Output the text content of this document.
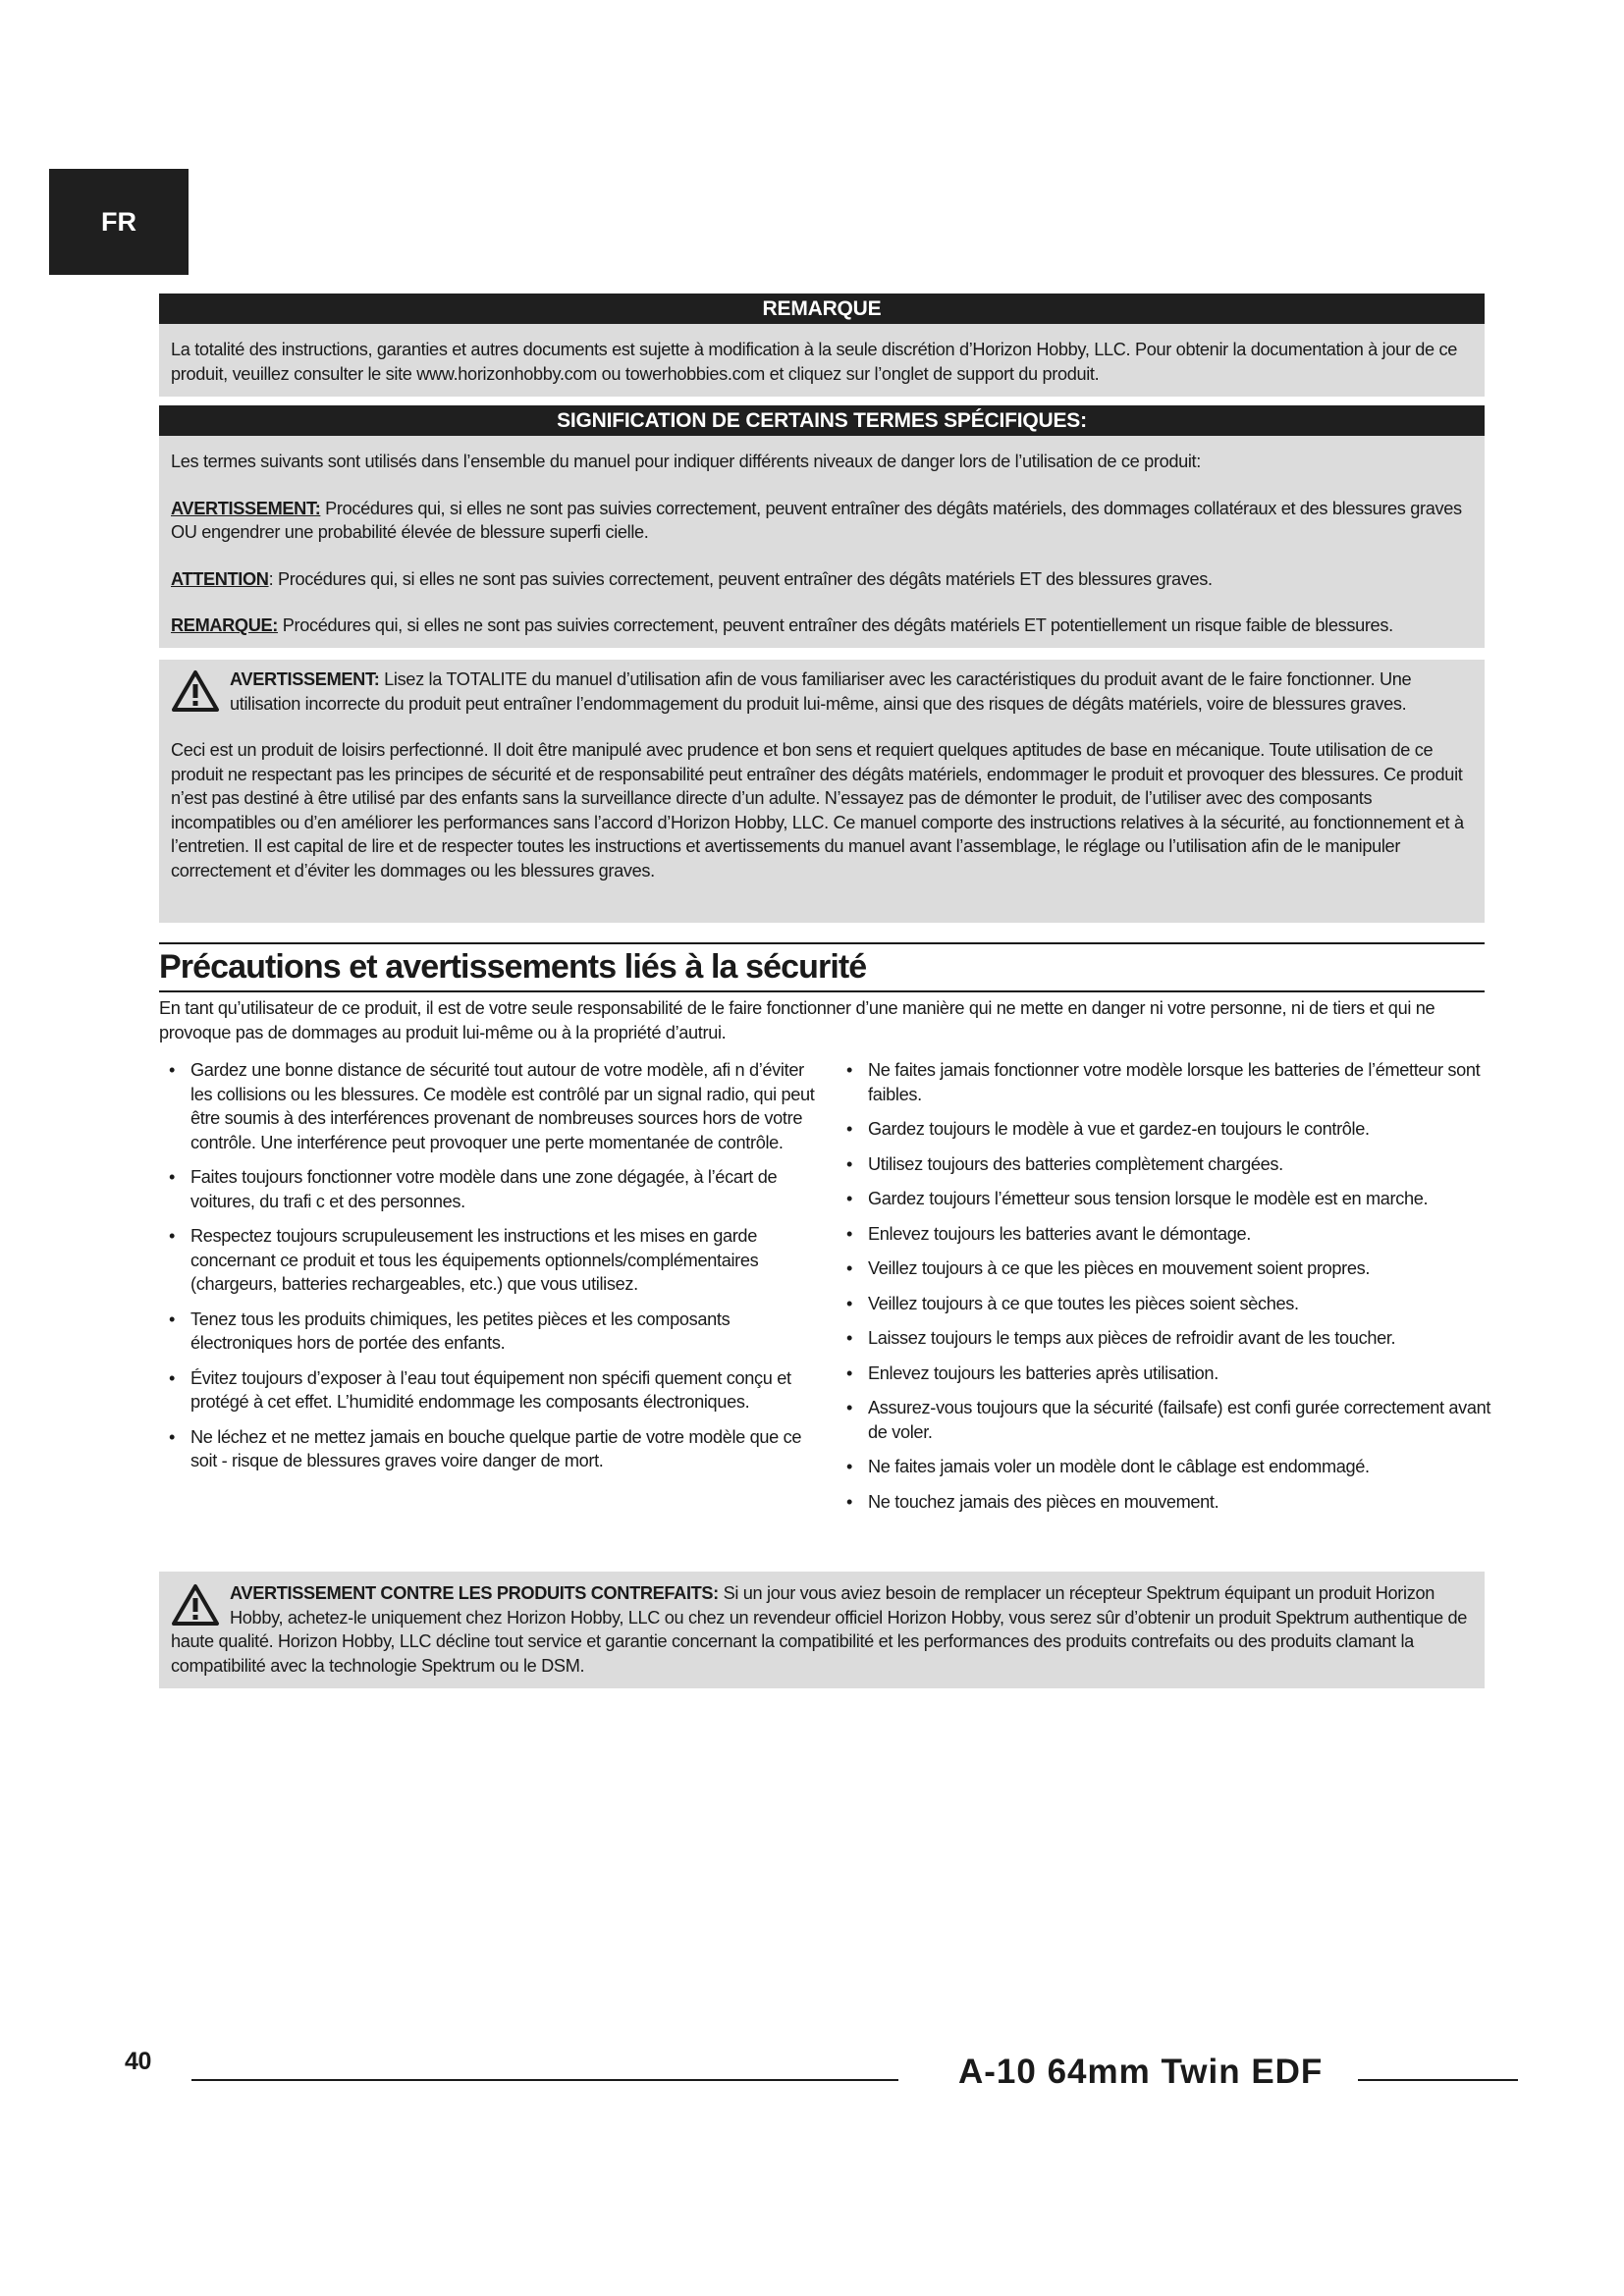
FR
REMARQUE
La totalité des instructions, garanties et autres documents est sujette à modification à la seule discrétion d’Horizon Hobby, LLC. Pour obtenir la documentation à jour de ce produit, veuillez consulter le site www.horizonhobby.com ou towerhobbies.com et cliquez sur l’onglet de support du produit.
SIGNIFICATION DE CERTAINS TERMES SPÉCIFIQUES:

Les termes suivants sont utilisés dans l’ensemble du manuel pour indiquer différents niveaux de danger lors de l’utilisation de ce produit:

AVERTISSEMENT: Procédures qui, si elles ne sont pas suivies correctement, peuvent entraîner des dégâts matériels, des dommages collatéraux et des blessures graves OU engendrer une probabilité élevée de blessure superfi cielle.

ATTENTION: Procédures qui, si elles ne sont pas suivies correctement, peuvent entraîner des dégâts matériels ET des blessures graves.

REMARQUE: Procédures qui, si elles ne sont pas suivies correctement, peuvent entraîner des dégâts matériels ET potentiellement un risque faible de blessures.

AVERTISSEMENT: Lisez la TOTALITE du manuel d’utilisation afin de vous familiariser avec les caractéristiques du produit avant de le faire fonctionner. Une utilisation incorrecte du produit peut entraîner l’endommagement du produit lui-même, ainsi que des risques de dégâts matériels, voire de blessures graves.

Ceci est un produit de loisirs perfectionné. Il doit être manipulé avec prudence et bon sens et requiert quelques aptitudes de base en mécanique. Toute utilisation de ce produit ne respectant pas les principes de sécurité et de responsabilité peut entraîner des dégâts matériels, endommager le produit et provoquer des blessures. Ce produit n’est pas destiné à être utilisé par des enfants sans la surveillance directe d’un adulte. N’essayez pas de démonter le produit, de l’utiliser avec des composants incompatibles ou d’en améliorer les performances sans l’accord d’Horizon Hobby, LLC. Ce manuel comporte des instructions relatives à la sécurité, au fonctionnement et à l’entretien. Il est capital de lire et de respecter toutes les instructions et avertissements du manuel avant l’assemblage, le réglage ou l’utilisation afin de le manipuler correctement et d’éviter les dommages ou les blessures graves.

Précautions et avertissements liés à la sécurité
En tant qu’utilisateur de ce produit, il est de votre seule responsabilité de le faire fonctionner d’une manière qui ne mette en danger ni votre personne, ni de tiers et qui ne provoque pas de dommages au produit lui-même ou à la propriété d’autrui.
• Gardez une bonne distance de sécurité tout autour de votre modèle, afi n d’éviter les collisions ou les blessures. Ce modèle est contrôlé par un signal radio, qui peut être soumis à des interférences provenant de nombreuses sources hors de votre contrôle. Une interférence peut provoquer une perte momentanée de contrôle.
• Faites toujours fonctionner votre modèle dans une zone dégagée, à l’écart de voitures, du trafi c et des personnes.
• Respectez toujours scrupuleusement les instructions et les mises en garde concernant ce produit et tous les équipements optionnels/complémentaires (chargeurs, batteries rechargeables, etc.) que vous utilisez.
• Tenez tous les produits chimiques, les petites pièces et les composants électroniques hors de portée des enfants.
• Évitez toujours d’exposer à l’eau tout équipement non spécifi quement conçu et protégé à cet effet. L’humidité endommage les composants électroniques.
• Ne léchez et ne mettez jamais en bouche quelque partie de votre modèle que ce soit - risque de blessures graves voire danger de mort.
• Ne faites jamais fonctionner votre modèle lorsque les batteries de l’émetteur sont faibles.
• Gardez toujours le modèle à vue et gardez-en toujours le contrôle.
• Utilisez toujours des batteries complètement chargées.
• Gardez toujours l’émetteur sous tension lorsque le modèle est en marche.
• Enlevez toujours les batteries avant le démontage.
• Veillez toujours à ce que les pièces en mouvement soient propres.
• Veillez toujours à ce que toutes les pièces soient sèches.
• Laissez toujours le temps aux pièces de refroidir avant de les toucher.
• Enlevez toujours les batteries après utilisation.
• Assurez-vous toujours que la sécurité (failsafe) est confi gurée correctement avant de voler.
• Ne faites jamais voler un modèle dont le câblage est endommagé.
• Ne touchez jamais des pièces en mouvement.
AVERTISSEMENT CONTRE LES PRODUITS CONTREFAITS: Si un jour vous aviez besoin de remplacer un récepteur Spektrum équipant un produit Horizon Hobby, achetez-le uniquement chez Horizon Hobby, LLC ou chez un revendeur officiel Horizon Hobby, vous serez sûr d’obtenir un produit Spektrum authentique de haute qualité. Horizon Hobby, LLC décline tout service et garantie concernant la compatibilité et les performances des produits contrefaits ou des produits clamant la compatibilité avec la technologie Spektrum ou le DSM.
40	A-10 64mm Twin EDF
